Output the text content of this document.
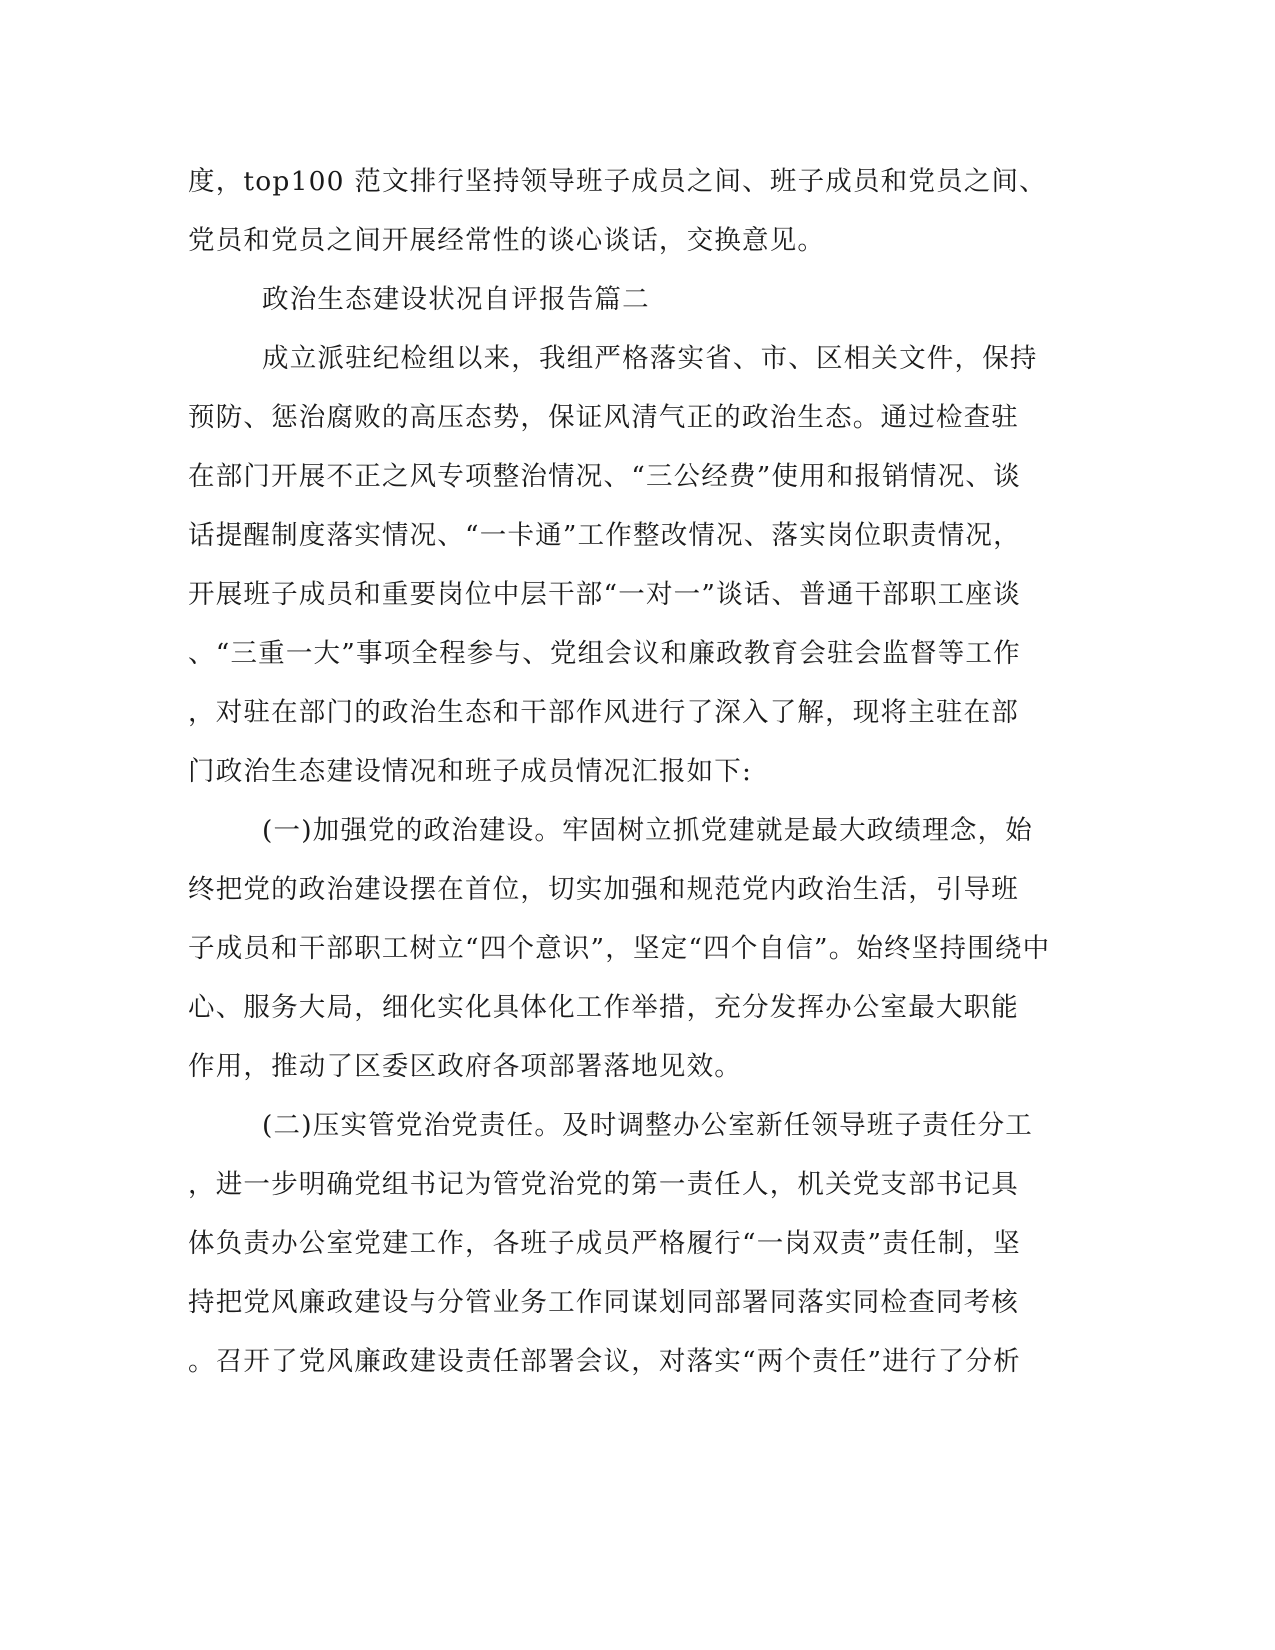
度，top100 范文排行坚持领导班子成员之间、班子成员和党员之间、
党员和党员之间开展经常性的谈心谈话，交换意见。
政治生态建设状况自评报告篇二
成立派驻纪检组以来，我组严格落实省、市、区相关文件，保持
预防、惩治腐败的高压态势，保证风清气正的政治生态。通过检查驻
在部门开展不正之风专项整治情况、“三公经费”使用和报销情况、谈
话提醒制度落实情况、“一卡通”工作整改情况、落实岗位职责情况，
开展班子成员和重要岗位中层干部“一对一”谈话、普通干部职工座谈
、“三重一大”事项全程参与、党组会议和廉政教育会驻会监督等工作
，对驻在部门的政治生态和干部作风进行了深入了解，现将主驻在部
门政治生态建设情况和班子成员情况汇报如下:
(一)加强党的政治建设。牢固树立抓党建就是最大政绩理念，始
终把党的政治建设摆在首位，切实加强和规范党内政治生活，引导班
子成员和干部职工树立“四个意识”，坚定“四个自信”。始终坚持围绕中
心、服务大局，细化实化具体化工作举措，充分发挥办公室最大职能
作用，推动了区委区政府各项部署落地见效。
(二)压实管党治党责任。及时调整办公室新任领导班子责任分工
，进一步明确党组书记为管党治党的第一责任人，机关党支部书记具
体负责办公室党建工作，各班子成员严格履行“一岗双责”责任制，坚
持把党风廉政建设与分管业务工作同谋划同部署同落实同检查同考核
。召开了党风廉政建设责任部署会议，对落实“两个责任”进行了分析
